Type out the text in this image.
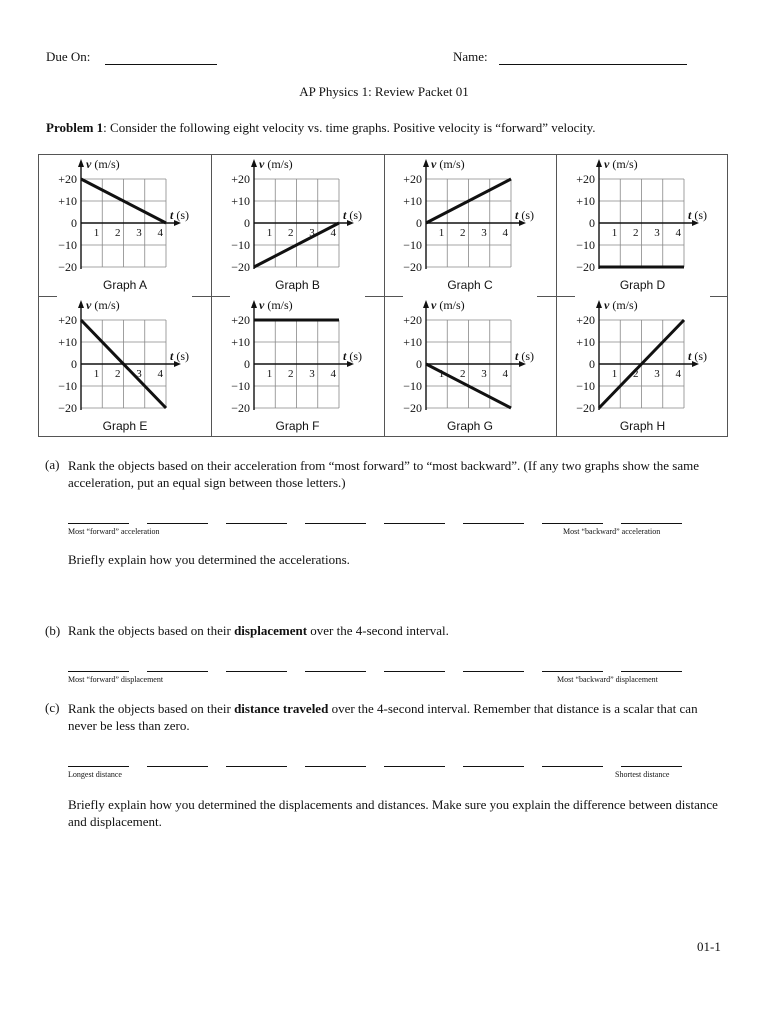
Due On:	Name:
AP Physics 1: Review Packet 01
Problem 1: Consider the following eight velocity vs. time graphs. Positive velocity is “forward” velocity.
+20
+10
0
−10
−20
1 2 3 4
v (m/s)
t (s)
Graph A
+20
+10
0
−10
−20
1 2 3 4
v (m/s)
t (s)
Graph B
+20
+10
0
−10
−20
1 2 3 4
v (m/s)
t (s)
Graph C
+20
+10
0
−10
−20
1 2 3 4
v (m/s)
t (s)
Graph D
+20
+10
0
−10
−20
1 2 3 4
v (m/s)
t (s)
Graph E
+20
+10
0
−10
−20
1 2 3 4
v (m/s)
t (s)
Graph F
+20
+10
0
−10
−20
1 2 3 4
v (m/s)
t (s)
Graph G
+20
+10
0
−10
−20
1 2 3 4
v (m/s)
t (s)
Graph H
(a) Rank the objects based on their acceleration from “most forward” to “most backward”. (If any two graphs show the same acceleration, put an equal sign between those letters.)
Most “forward” acceleration	Most “backward” acceleration
Briefly explain how you determined the accelerations.
(b) Rank the objects based on their displacement over the 4-second interval.
Most “forward” displacement	Most “backward” displacement
(c) Rank the objects based on their distance traveled over the 4-second interval. Remember that distance is a scalar that can never be less than zero.
Longest distance	Shortest distance
Briefly explain how you determined the displacements and distances. Make sure you explain the difference between distance and displacement.
01-1
